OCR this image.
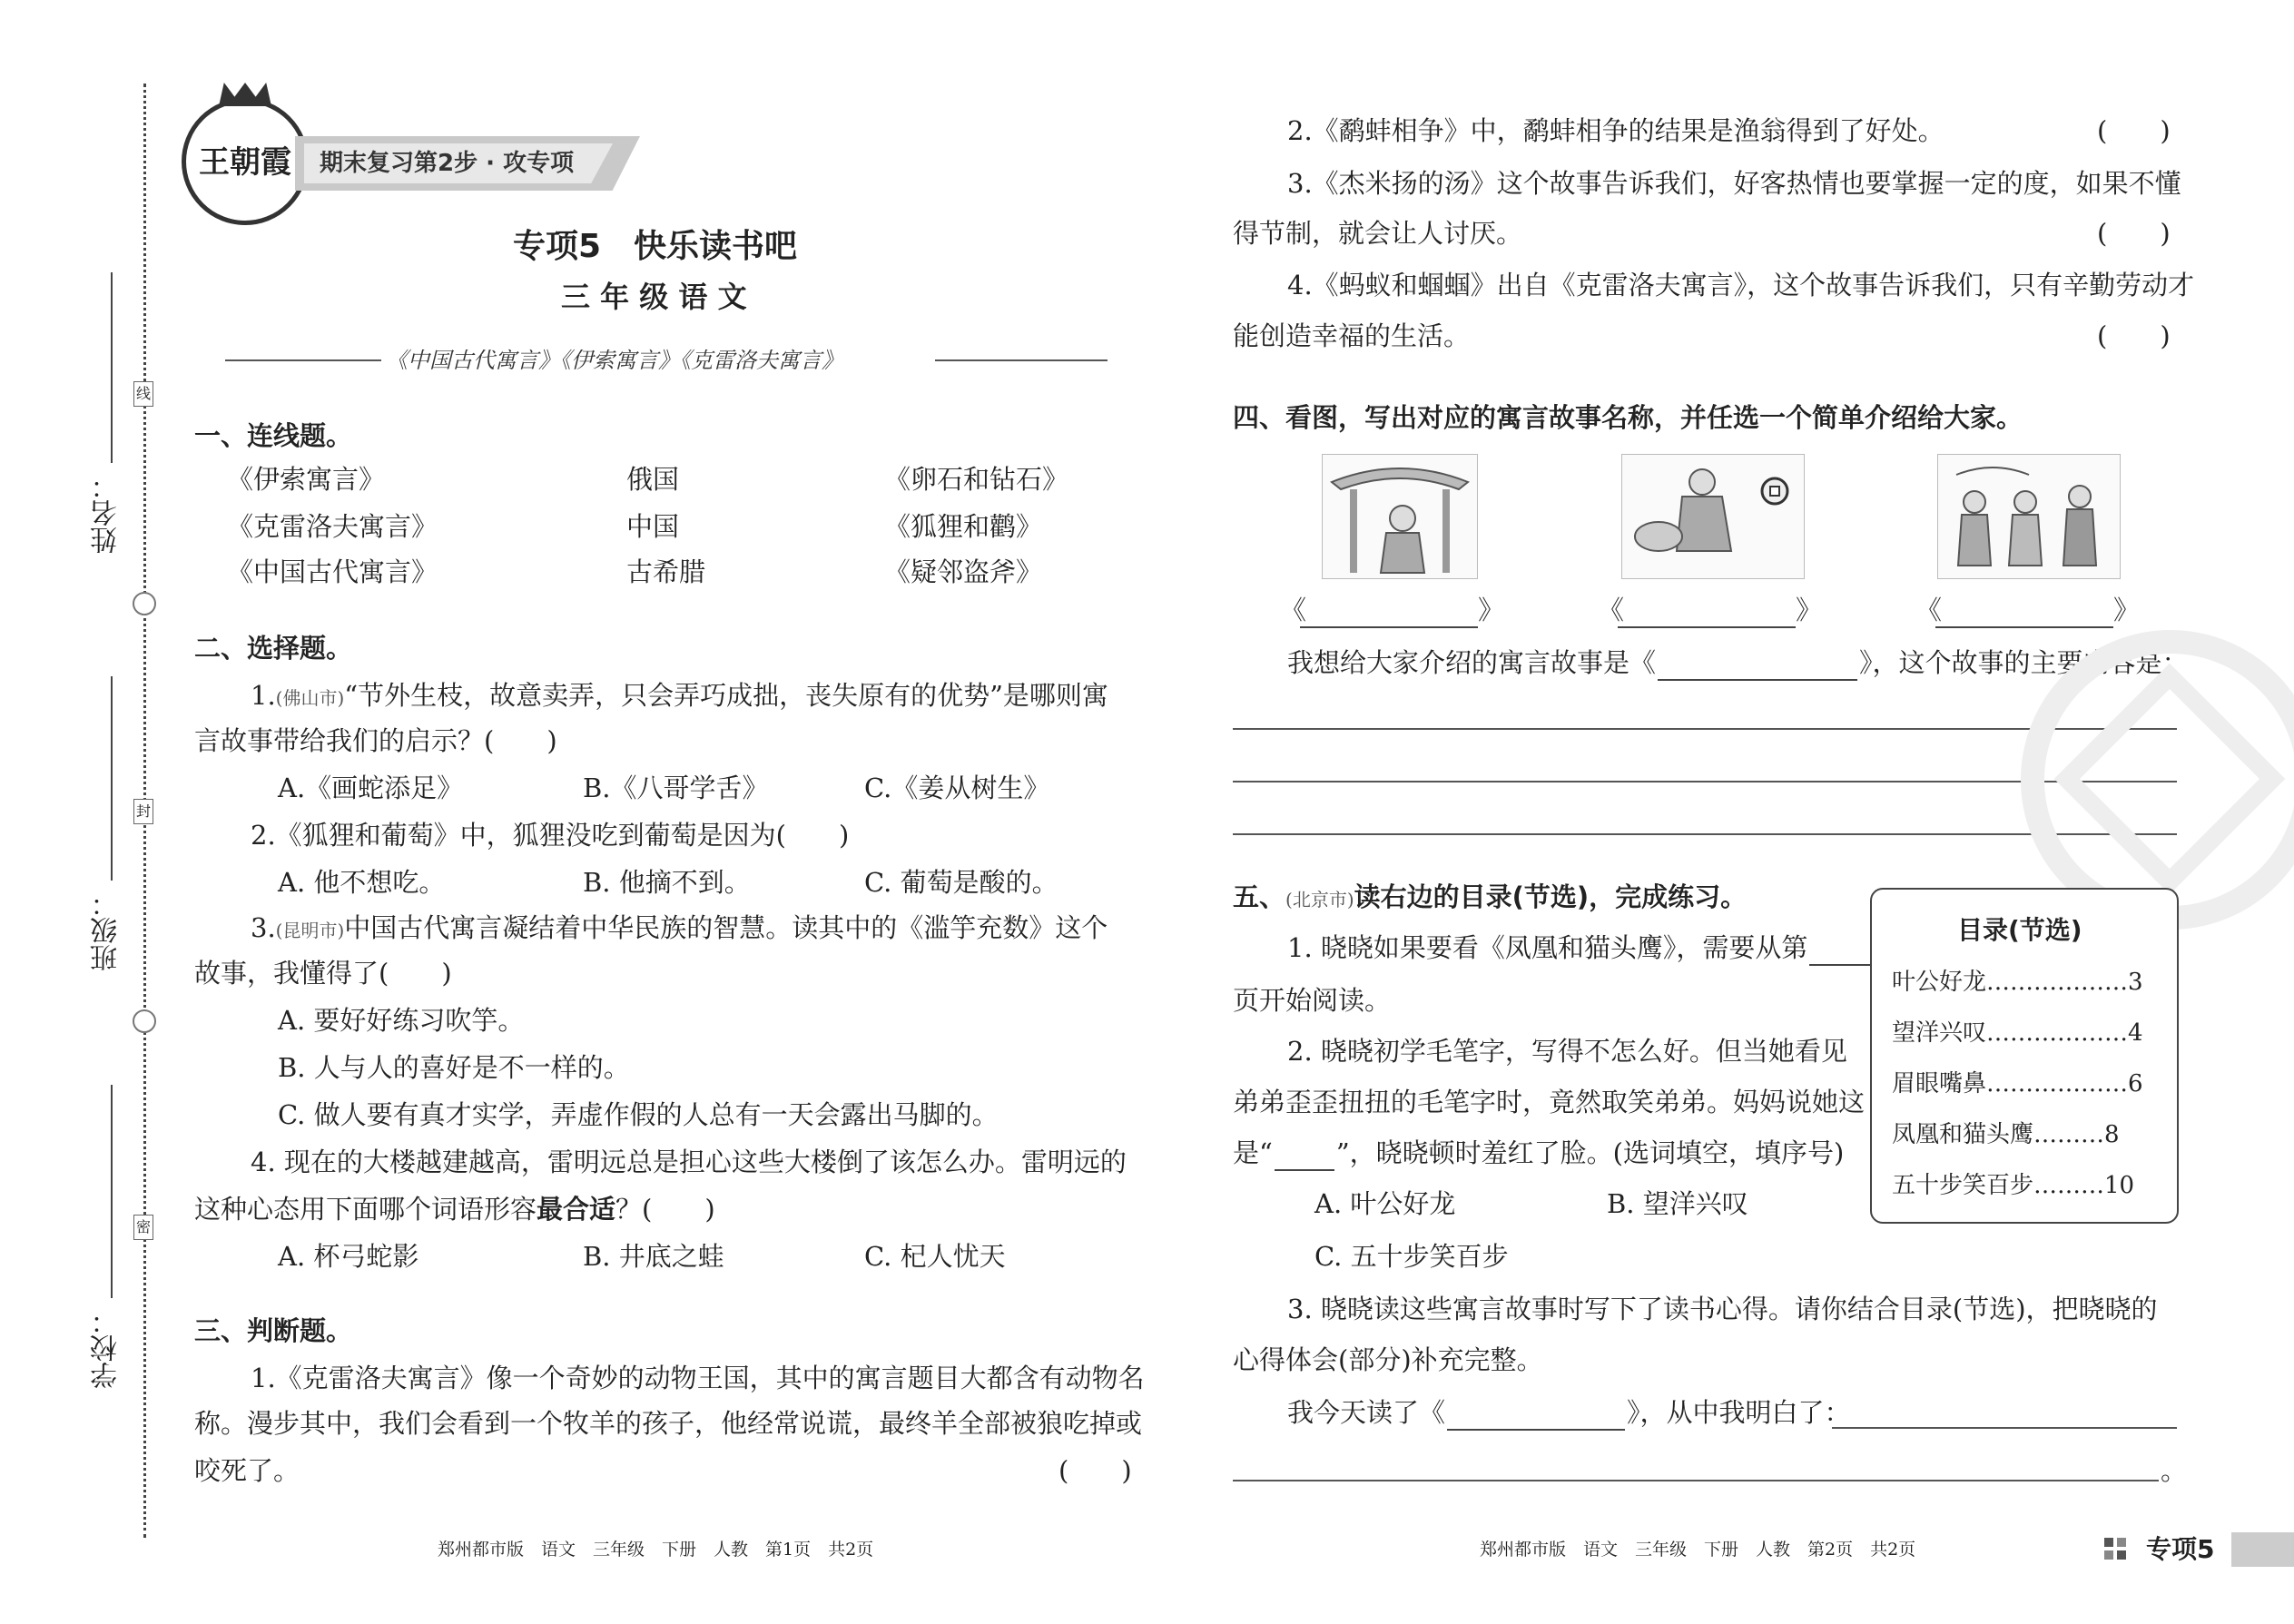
线
封
密
姓名：
班级：
学校：
王朝霞 期末复习第2步 · 攻专项
专项5　快乐读书吧
三 年 级 语 文
《中国古代寓言》《伊索寓言》《克雷洛夫寓言》
一、连线题。
《伊索寓言》	俄国	《卵石和钻石》
《克雷洛夫寓言》	中国	《狐狸和鹳》
《中国古代寓言》	古希腊	《疑邻盗斧》
二、选择题。
1.(佛山市)“节外生枝，故意卖弄，只会弄巧成拙，丧失原有的优势”是哪则寓
言故事带给我们的启示？(　　)
A.《画蛇添足》	B.《八哥学舌》	C.《姜从树生》
2.《狐狸和葡萄》中，狐狸没吃到葡萄是因为(　　)
A. 他不想吃。	B. 他摘不到。	C. 葡萄是酸的。
3.(昆明市)中国古代寓言凝结着中华民族的智慧。读其中的《滥竽充数》这个
故事，我懂得了(　　)
A. 要好好练习吹竽。
B. 人与人的喜好是不一样的。
C. 做人要有真才实学，弄虚作假的人总有一天会露出马脚的。
4. 现在的大楼越建越高，雷明远总是担心这些大楼倒了该怎么办。雷明远的
这种心态用下面哪个词语形容最合适？(　　)
A. 杯弓蛇影	B. 井底之蛙	C. 杞人忧天
三、判断题。
1.《克雷洛夫寓言》像一个奇妙的动物王国，其中的寓言题目大都含有动物名
称。漫步其中，我们会看到一个牧羊的孩子，他经常说谎，最终羊全部被狼吃掉或
咬死了。	(　　)
郑州都市版　语文　三年级　下册　人教　第1页　共2页
2.《鹬蚌相争》中，鹬蚌相争的结果是渔翁得到了好处。	(　　)
3.《杰米扬的汤》这个故事告诉我们，好客热情也要掌握一定的度，如果不懂
得节制，就会让人讨厌。	(　　)
4.《蚂蚁和蝈蝈》出自《克雷洛夫寓言》，这个故事告诉我们，只有辛勤劳动才
能创造幸福的生活。	(　　)
四、看图，写出对应的寓言故事名称，并任选一个简单介绍给大家。
《	》	《	》	《	》
我想给大家介绍的寓言故事是《	》，这个故事的主要内容是：
五、(北京市)读右边的目录(节选)，完成练习。
1. 晓晓如果要看《凤凰和猫头鹰》，需要从第
页开始阅读。
2. 晓晓初学毛笔字，写得不怎么好。但当她看见
弟弟歪歪扭扭的毛笔字时，竟然取笑弟弟。妈妈说她这
是“ ”，晓晓顿时羞红了脸。(选词填空，填序号)
A. 叶公好龙	B. 望洋兴叹
C. 五十步笑百步
3. 晓晓读这些寓言故事时写下了读书心得。请你结合目录(节选)，把晓晓的
心得体会(部分)补充完整。
我今天读了《	》，从中我明白了：
。
目录(节选)
叶公好龙………………3
望洋兴叹………………4
眉眼嘴鼻………………6
凤凰和猫头鹰………8
五十步笑百步………10
郑州都市版　语文　三年级　下册　人教　第2页　共2页	专项5
